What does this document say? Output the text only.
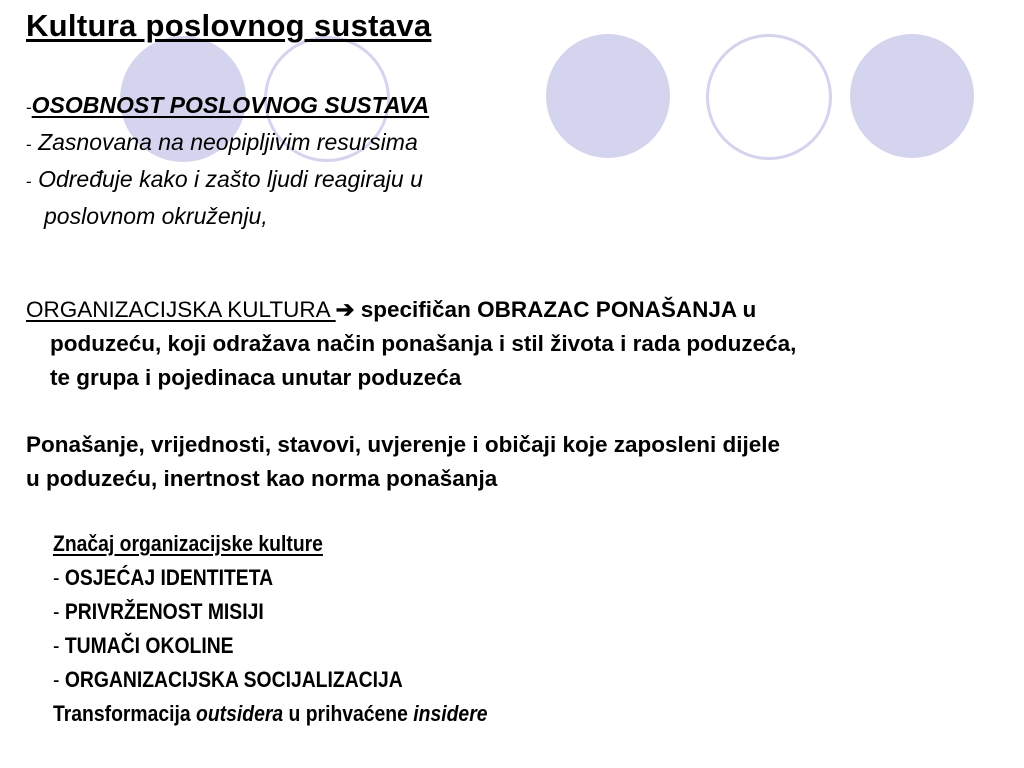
Kultura poslovnog sustava
-OSOBNOST POSLOVNOG SUSTAVA
- Zasnovana na neopipljivim resursima
- Određuje kako i zašto ljudi reagiraju u
poslovnom okruženju,
ORGANIZACIJSKA KULTURA ➔ specifičan OBRAZAC PONAŠANJA u
poduzeću, koji odražava način ponašanja i stil života i rada poduzeća,
te grupa i pojedinaca unutar poduzeća
Ponašanje, vrijednosti, stavovi, uvjerenje i običaji koje zaposleni dijele
u poduzeću, inertnost kao norma ponašanja
Značaj organizacijske kulture
- OSJEĆAJ IDENTITETA
- PRIVRŽENOST MISIJI
- TUMAČI OKOLINE
- ORGANIZACIJSKA SOCIJALIZACIJA
Transformacija outsidera u prihvaćene insidere
